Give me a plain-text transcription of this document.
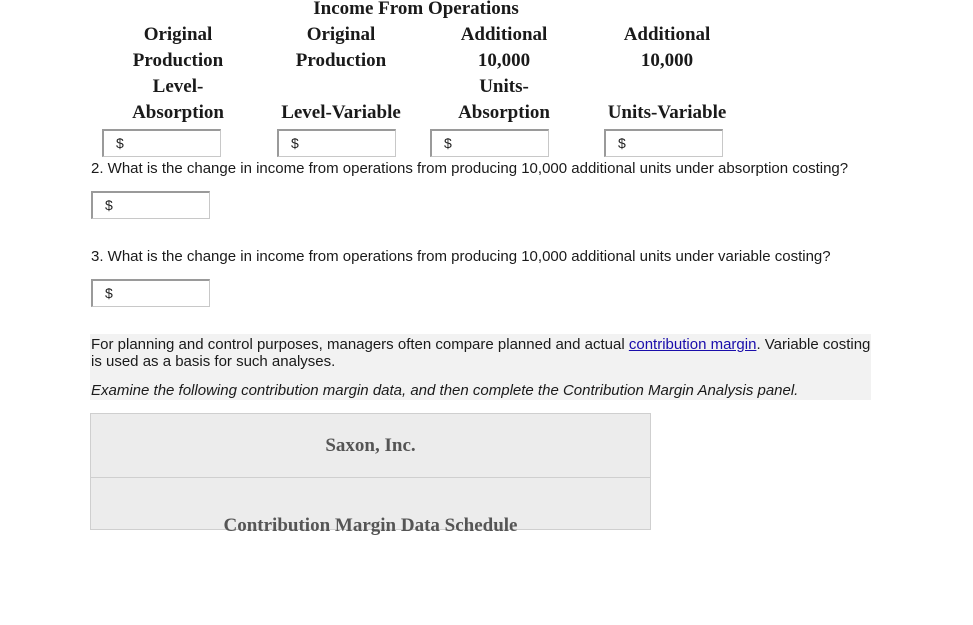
Income From Operations
Original
Production
Level-
Absorption
Original
Production
Level-Variable
Additional
10,000
Units-
Absorption
Additional
10,000
Units-Variable
$	$	$	$
2. What is the change in income from operations from producing 10,000 additional units under absorption costing?
$
3. What is the change in income from operations from producing 10,000 additional units under variable costing?
$
For planning and control purposes, managers often compare planned and actual contribution margin. Variable costing is used as a basis for such analyses.
Examine the following contribution margin data, and then complete the Contribution Margin Analysis panel.
Saxon, Inc.
Contribution Margin Data Schedule
